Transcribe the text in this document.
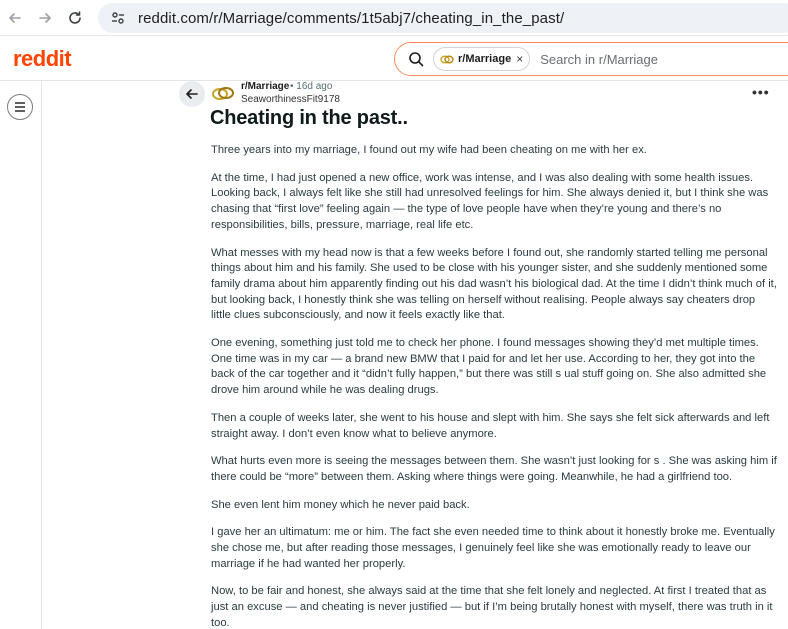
reddit.com/r/Marriage/comments/1t5abj7/cheating_in_the_past/
reddit	r/Marriage × Search in r/Marriage
r/Marriage • 16d ago
SeaworthinessFit9178	•••
Cheating in the past..

Three years into my marriage, I found out my wife had been cheating on me with her ex.

At the time, I had just opened a new office, work was intense, and I was also dealing with some health issues. Looking back, I always felt like she still had unresolved feelings for him. She always denied it, but I think she was chasing that “first love” feeling again — the type of love people have when they’re young and there’s no responsibilities, bills, pressure, marriage, real life etc.

What messes with my head now is that a few weeks before I found out, she randomly started telling me personal things about him and his family. She used to be close with his younger sister, and she suddenly mentioned some family drama about him apparently finding out his dad wasn’t his biological dad. At the time I didn’t think much of it, but looking back, I honestly think she was telling on herself without realising. People always say cheaters drop little clues subconsciously, and now it feels exactly like that.

One evening, something just told me to check her phone. I found messages showing they’d met multiple times. One time was in my car — a brand new BMW that I paid for and let her use. According to her, they got into the back of the car together and it “didn’t fully happen,” but there was still s ual stuff going on. She also admitted she drove him around while he was dealing drugs.

Then a couple of weeks later, she went to his house and slept with him. She says she felt sick afterwards and left straight away. I don’t even know what to believe anymore.

What hurts even more is seeing the messages between them. She wasn’t just looking for s . She was asking him if there could be “more” between them. Asking where things were going. Meanwhile, he had a girlfriend too.

She even lent him money which he never paid back.

I gave her an ultimatum: me or him. The fact she even needed time to think about it honestly broke me. Eventually she chose me, but after reading those messages, I genuinely feel like she was emotionally ready to leave our marriage if he had wanted her properly.

Now, to be fair and honest, she always said at the time that she felt lonely and neglected. At first I treated that as just an excuse — and cheating is never justified — but if I’m being brutally honest with myself, there was truth in it too.
